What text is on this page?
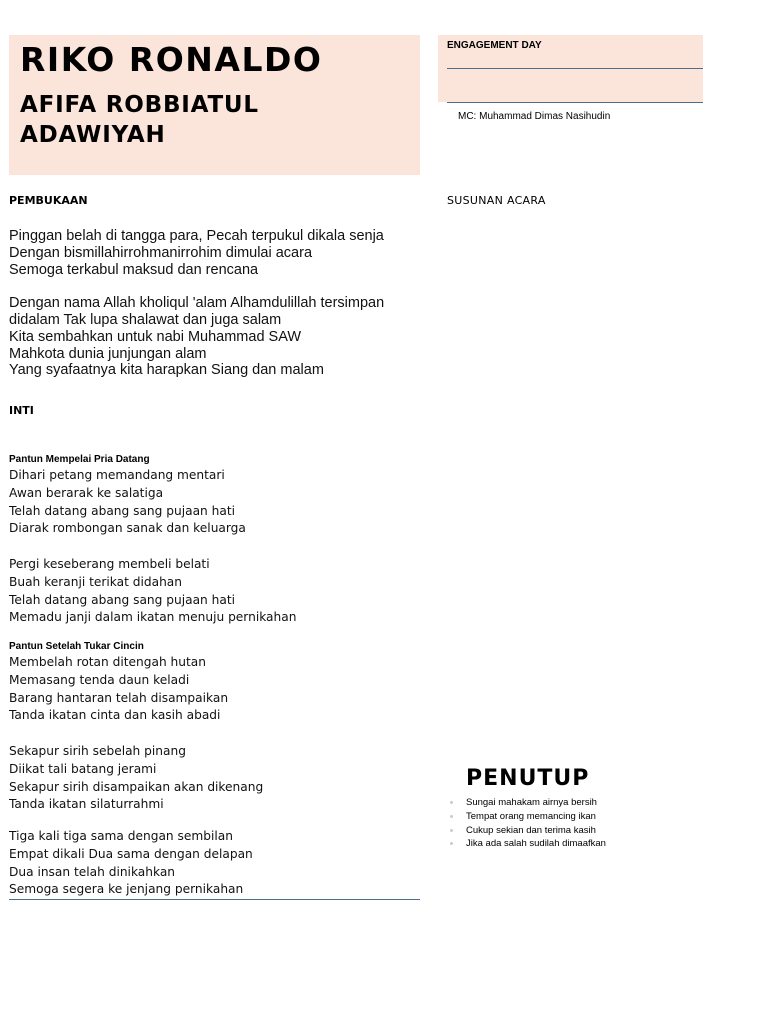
RIKO RONALDO
AFIFA ROBBIATUL ADAWIYAH
ENGAGEMENT DAY
MC: Muhammad Dimas Nasihudin
PEMBUKAAN	SUSUNAN ACARA
Pinggan belah di tangga para, Pecah terpukul dikala senja
Dengan bismillahirrohmanirrohim dimulai acara
Semoga terkabul maksud dan rencana
Dengan nama Allah kholiqul 'alam Alhamdulillah tersimpan
didalam Tak lupa shalawat dan juga salam
Kita sembahkan untuk nabi Muhammad SAW
Mahkota dunia junjungan alam
Yang syafaatnya kita harapkan Siang dan malam
INTI
Pantun Mempelai Pria Datang
Dihari petang memandang mentari
Awan berarak ke salatiga
Telah datang abang sang pujaan hati
Diarak rombongan sanak dan keluarga
Pergi keseberang membeli belati
Buah keranji terikat didahan
Telah datang abang sang pujaan hati
Memadu janji dalam ikatan menuju pernikahan
Pantun Setelah Tukar Cincin
Membelah rotan ditengah hutan
Memasang tenda daun keladi
Barang hantaran telah disampaikan
Tanda ikatan cinta dan kasih abadi
Sekapur sirih sebelah pinang
Diikat tali batang jerami
Sekapur sirih disampaikan akan dikenang
Tanda ikatan silaturrahmi
Tiga kali tiga sama dengan sembilan
Empat dikali Dua sama dengan delapan
Dua insan telah dinikahkan
Semoga segera ke jenjang pernikahan
PENUTUP
Sungai mahakam airnya bersih
Tempat orang memancing ikan
Cukup sekian dan terima kasih
Jika ada salah sudilah dimaafkan
